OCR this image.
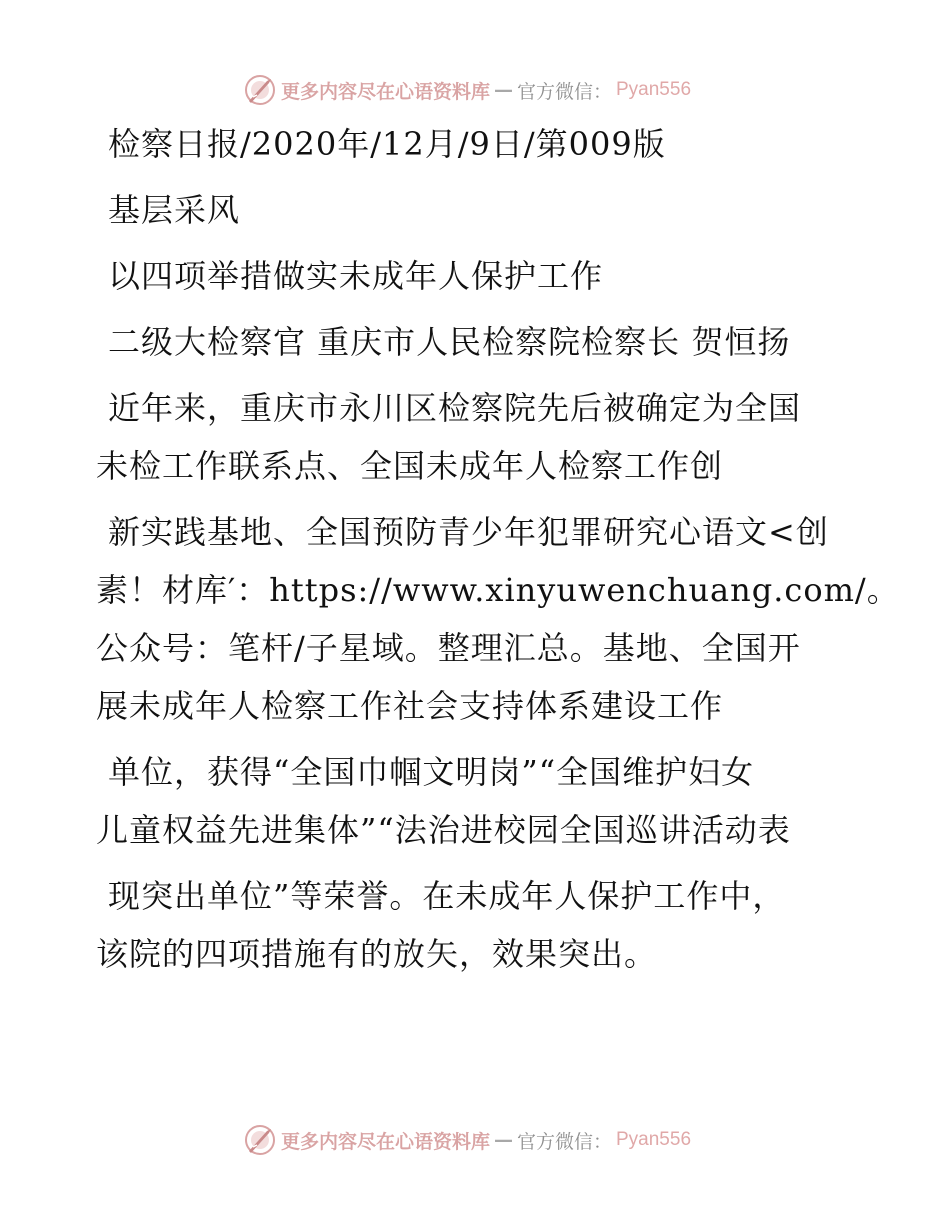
更多内容尽在心语资料库 — 官方微信： Pyan556
检察日报/2020年/12月/9日/第009版
基层采风
以四项举措做实未成年人保护工作
二级大检察官 重庆市人民检察院检察长 贺恒扬
近年来，重庆市永川区检察院先后被确定为全国
未检工作联系点、全国未成年人检察工作创
新实践基地、全国预防青少年犯罪研究心语文<创
素！材库′：https://www.xinyuwenchuang.com/。
公众号：笔杆/子星域。整理汇总。基地、全国开
展未成年人检察工作社会支持体系建设工作
单位，获得“全国巾帼文明岗”“全国维护妇女
儿童权益先进集体”“法治进校园全国巡讲活动表
现突出单位”等荣誉。在未成年人保护工作中，
该院的四项措施有的放矢，效果突出。
更多内容尽在心语资料库 — 官方微信： Pyan556
